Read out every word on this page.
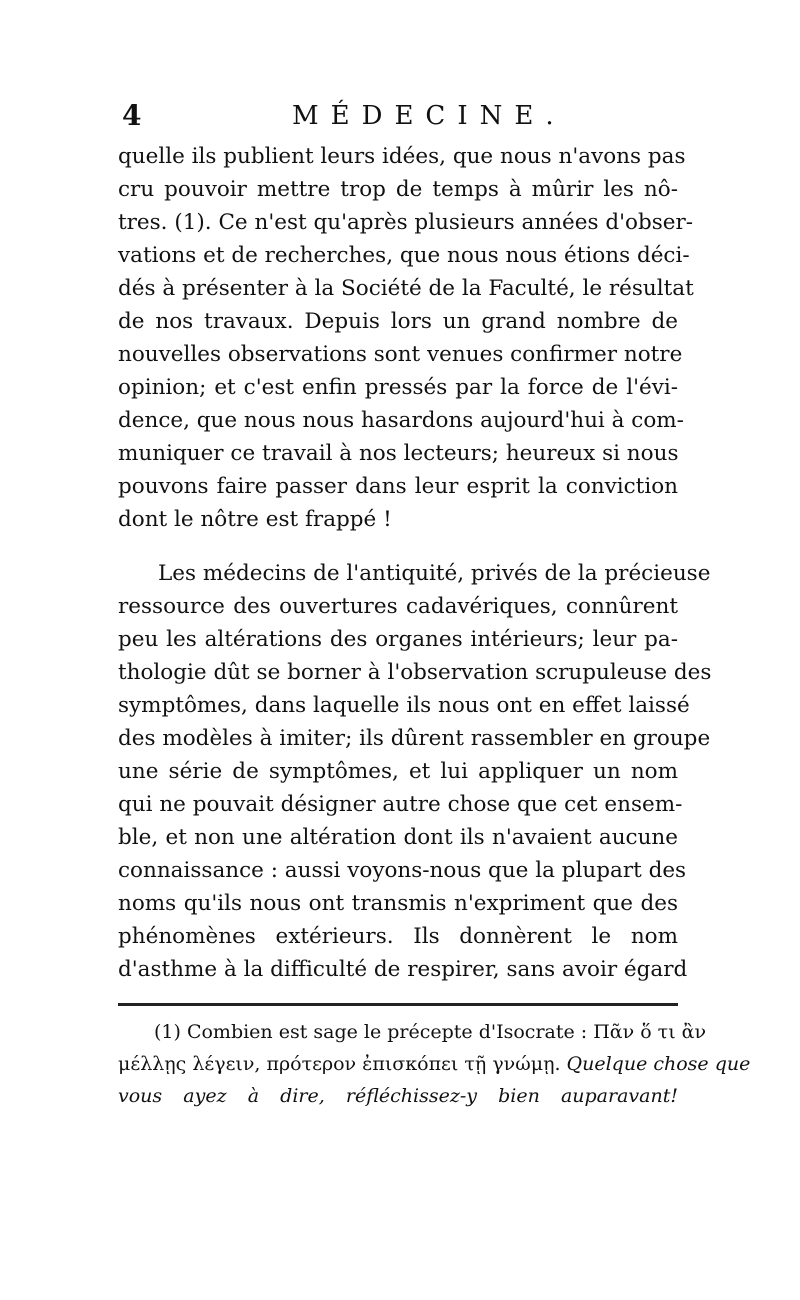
4	MÉDECINE.
quelle ils publient leurs idées, que nous n'avons pas
cru pouvoir mettre trop de temps à mûrir les nô-
tres. (1). Ce n'est qu'après plusieurs années d'obser-
vations et de recherches, que nous nous étions déci-
dés à présenter à la Société de la Faculté, le résultat
de nos travaux. Depuis lors un grand nombre de
nouvelles observations sont venues confirmer notre
opinion; et c'est enfin pressés par la force de l'évi-
dence, que nous nous hasardons aujourd'hui à com-
muniquer ce travail à nos lecteurs; heureux si nous
pouvons faire passer dans leur esprit la conviction
dont le nôtre est frappé !
Les médecins de l'antiquité, privés de la précieuse
ressource des ouvertures cadavériques, connûrent
peu les altérations des organes intérieurs; leur pa-
thologie dût se borner à l'observation scrupuleuse des
symptômes, dans laquelle ils nous ont en effet laissé
des modèles à imiter; ils dûrent rassembler en groupe
une série de symptômes, et lui appliquer un nom
qui ne pouvait désigner autre chose que cet ensem-
ble, et non une altération dont ils n'avaient aucune
connaissance : aussi voyons-nous que la plupart des
noms qu'ils nous ont transmis n'expriment que des
phénomènes extérieurs. Ils donnèrent le nom
d'asthme à la difficulté de respirer, sans avoir égard
(1) Combien est sage le précepte d'Isocrate : Πᾶν ὅ τι ἂν
μέλλῃς λέγειν, πρότερον ἐπισκόπει τῇ γνώμῃ. Quelque chose que
vous ayez à dire, réfléchissez-y bien auparavant!
